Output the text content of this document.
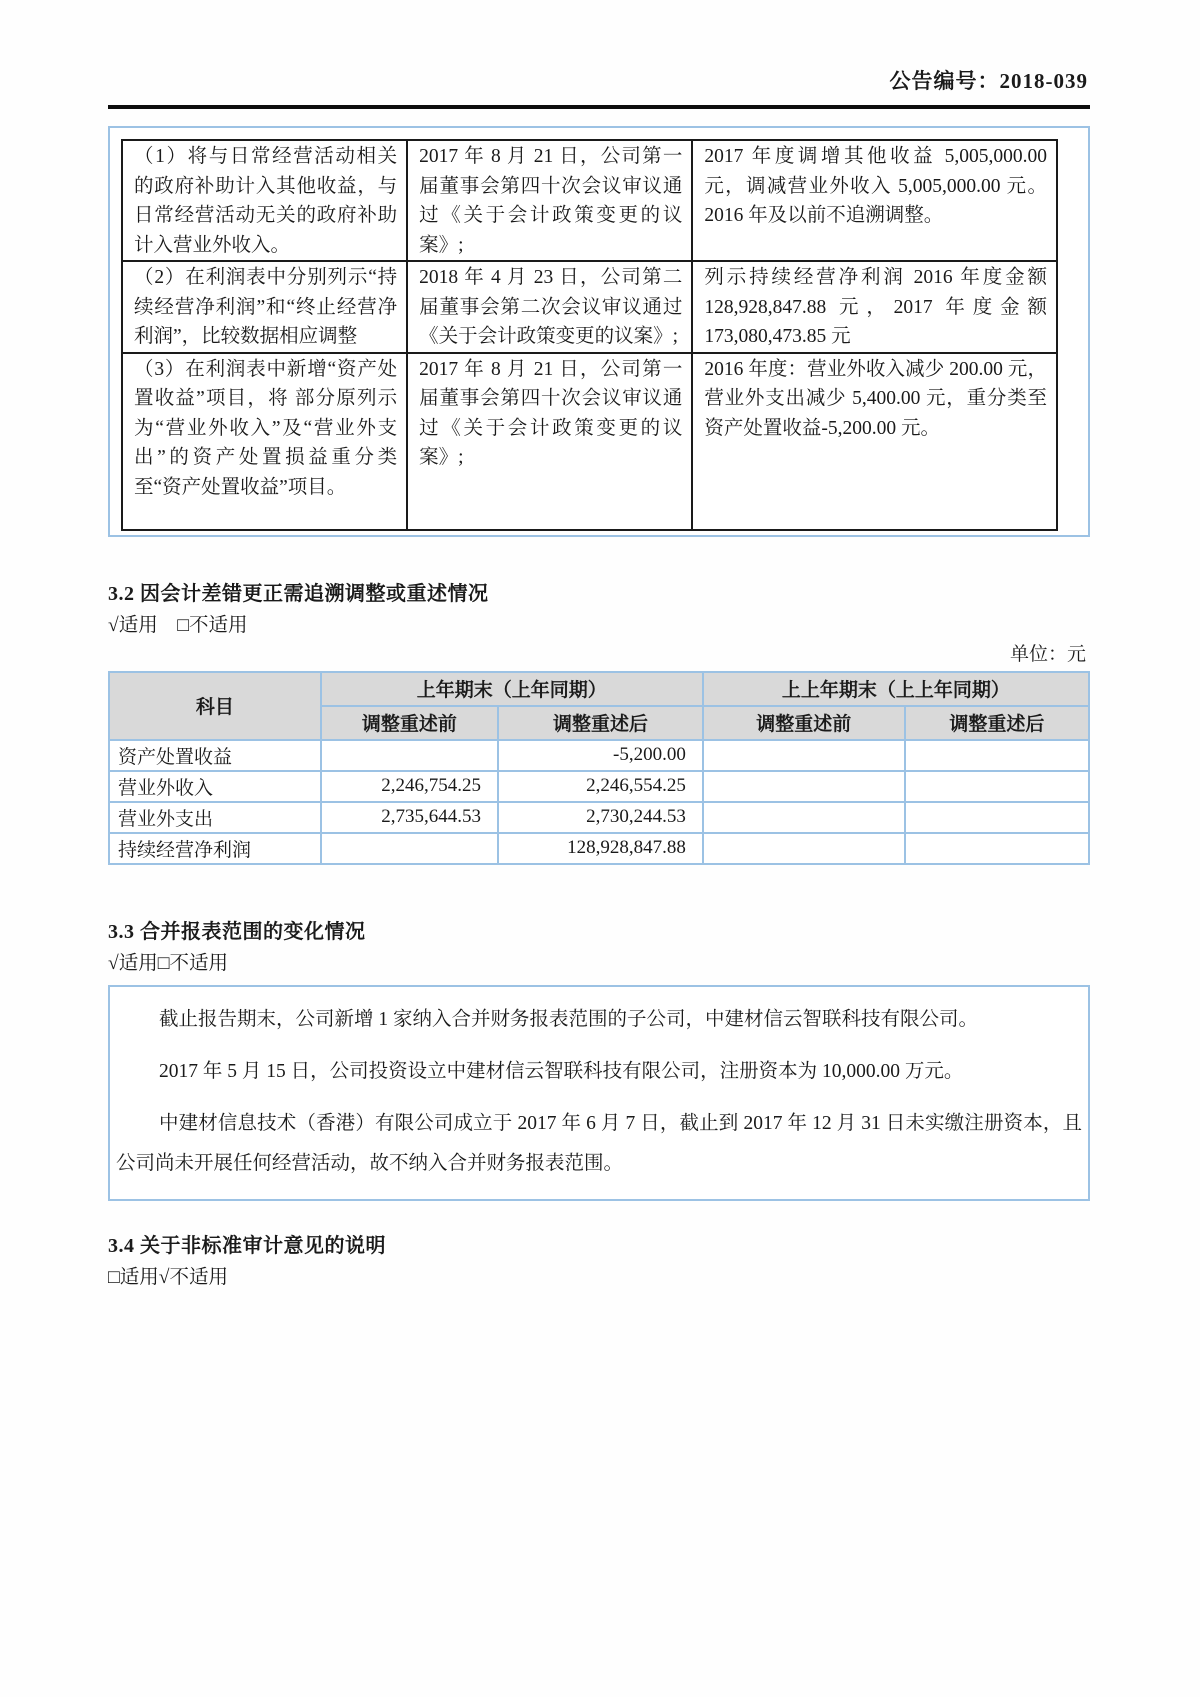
公告编号：2018-039
（1）将与日常经营活动相关的政府补助计入其他收益，与日常经营活动无关的政府补助计入营业外收入。	2017 年 8 月 21 日，公司第一届董事会第四十次会议审议通过《关于会计政策变更的议案》;	2017 年度调增其他收益 5,005,000.00 元，调减营业外收入 5,005,000.00 元。2016 年及以前不追溯调整。
（2）在利润表中分别列示“持续经营净利润”和“终止经营净利润”，比较数据相应调整	2018 年 4 月 23 日，公司第二届董事会第二次会议审议通过《关于会计政策变更的议案》;	列示持续经营净利润 2016 年度金额 128,928,847.88 元，2017 年度金额 173,080,473.85 元
（3）在利润表中新增“资产处置收益”项目，将 部分原列示为“营业外收入”及“营业外支出”的资产处置损益重分类至“资产处置收益”项目。	2017 年 8 月 21 日，公司第一届董事会第四十次会议审议通过《关于会计政策变更的议案》;	2016 年度：营业外收入减少 200.00 元，营业外支出减少 5,400.00 元，重分类至资产处置收益-5,200.00 元。
3.2 因会计差错更正需追溯调整或重述情况
√适用　□不适用
单位：元
科目	上年期末（上年同期）		上上年期末（上上年同期）	
	调整重述前	调整重述后	调整重述前	调整重述后
资产处置收益		-5,200.00		
营业外收入	2,246,754.25	2,246,554.25		
营业外支出	2,735,644.53	2,730,244.53		
持续经营净利润		128,928,847.88		
3.3 合并报表范围的变化情况
√适用□不适用

截止报告期末，公司新增 1 家纳入合并财务报表范围的子公司，中建材信云智联科技有限公司。

2017 年 5 月 15 日，公司投资设立中建材信云智联科技有限公司，注册资本为 10,000.00 万元。

中建材信息技术（香港）有限公司成立于 2017 年 6 月 7 日，截止到 2017 年 12 月 31 日未实缴注册资本，且公司尚未开展任何经营活动，故不纳入合并财务报表范围。

3.4 关于非标准审计意见的说明
□适用√不适用
